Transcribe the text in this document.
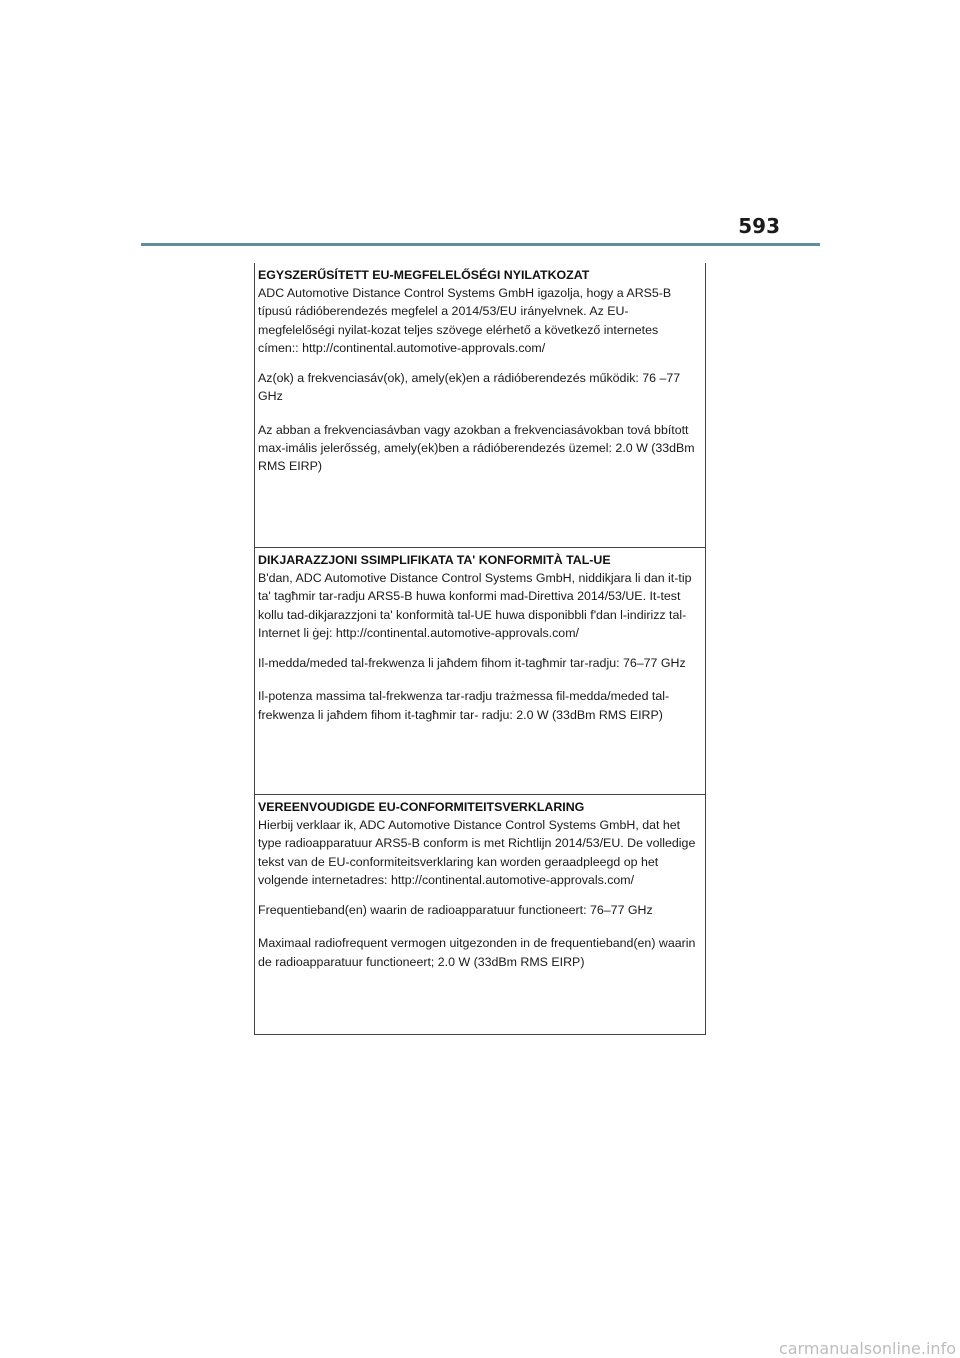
593
EGYSZERŰSÍTETT EU-MEGFELELŐSÉGI NYILATKOZAT

ADC Automotive Distance Control Systems GmbH igazolja, hogy a ARS5-B típusú rádióberendezés megfelel a 2014/53/EU irányelvnek. Az EU-megfelelőségi nyilat-kozat teljes szövege elérhető a következő internetes címen:: http://continental.automotive-approvals.com/

Az(ok) a frekvenciasáv(ok), amely(ek)en a rádióberendezés működik: 76 –77 GHz

Az abban a frekvenciasávban vagy azokban a frekvenciasávokban tová bbított max-imális jelerősség, amely(ek)ben a rádióberendezés üzemel: 2.0 W (33dBm RMS EIRP)

DIKJARAZZJONI SSIMPLIFIKATA TA' KONFORMITÀ TAL-UE

B'dan, ADC Automotive Distance Control Systems GmbH, niddikjara li dan it-tip ta' tagħmir tar-radju ARS5-B huwa konformi mad-Direttiva 2014/53/UE. It-test kollu tad-dikjarazzjoni ta' konformità tal-UE huwa disponibbli f'dan l-indirizz tal-Internet li ġej: http://continental.automotive-approvals.com/

Il-medda/meded tal-frekwenza li jaħdem fihom it-tagħmir tar-radju: 76–77 GHz

Il-potenza massima tal-frekwenza tar-radju trażmessa fil-medda/meded tal-frekwenza li jaħdem fihom it-tagħmir tar- radju: 2.0 W (33dBm RMS EIRP)

VEREENVOUDIGDE EU-CONFORMITEITSVERKLARING

Hierbij verklaar ik, ADC Automotive Distance Control Systems GmbH, dat het type radioapparatuur ARS5-B conform is met Richtlijn 2014/53/EU. De volledige tekst van de EU-conformiteitsverklaring kan worden geraadpleegd op het volgende internetadres: http://continental.automotive-approvals.com/

Frequentieband(en) waarin de radioapparatuur functioneert: 76–77 GHz

Maximaal radiofrequent vermogen uitgezonden in de frequentieband(en) waarin de radioapparatuur functioneert; 2.0 W (33dBm RMS EIRP)

carmanualsonline.info
